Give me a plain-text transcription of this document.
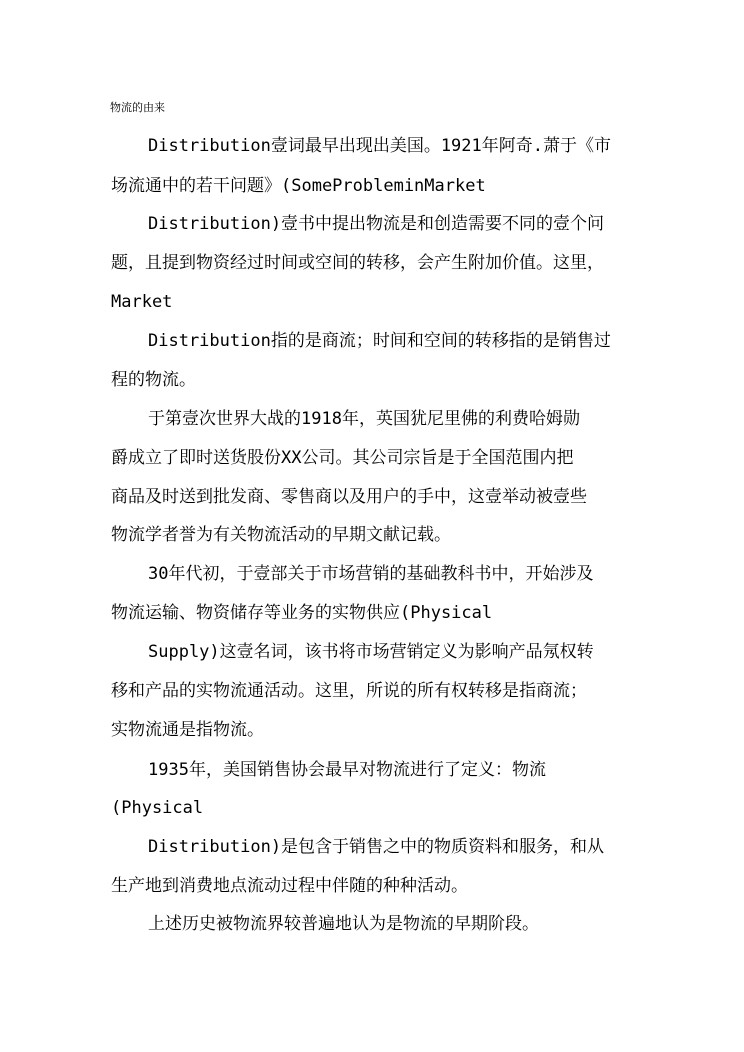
物流的由来
Distribution壹词最早出现出美国。1921年阿奇.萧于《市
场流通中的若干问题》(SomeProbleminMarket
Distribution)壹书中提出物流是和创造需要不同的壹个问
题，且提到物资经过时间或空间的转移，会产生附加价值。这里，
Market
Distribution指的是商流；时间和空间的转移指的是销售过
程的物流。
于第壹次世界大战的1918年，英国犹尼里佛的利费哈姆勋
爵成立了即时送货股份XX公司。其公司宗旨是于全国范围内把
商品及时送到批发商、零售商以及用户的手中，这壹举动被壹些
物流学者誉为有关物流活动的早期文献记载。
30年代初，于壹部关于市场营销的基础教科书中，开始涉及
物流运输、物资储存等业务的实物供应(Physical
Supply)这壹名词，该书将市场营销定义为影响产品氖权转
移和产品的实物流通活动。这里，所说的所有权转移是指商流；
实物流通是指物流。
1935年，美国销售协会最早对物流进行了定义：物流
(Physical
Distribution)是包含于销售之中的物质资料和服务，和从
生产地到消费地点流动过程中伴随的种种活动。
上述历史被物流界较普遍地认为是物流的早期阶段。
